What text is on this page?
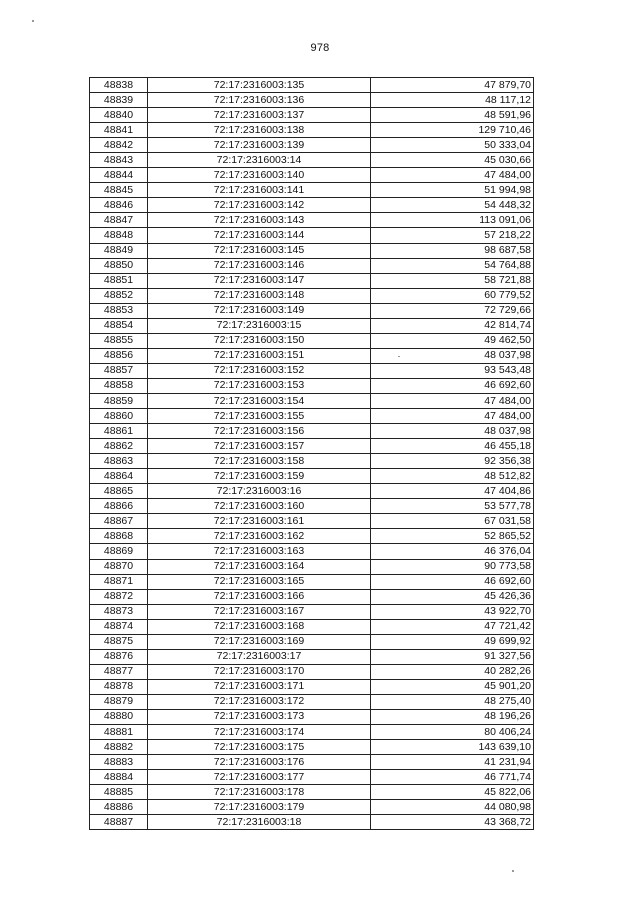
978
48838	72:17:2316003:135	47 879,70
48839	72:17:2316003:136	48 117,12
48840	72:17:2316003:137	48 591,96
48841	72:17:2316003:138	129 710,46
48842	72:17:2316003:139	50 333,04
48843	72:17:2316003:14	45 030,66
48844	72:17:2316003:140	47 484,00
48845	72:17:2316003:141	51 994,98
48846	72:17:2316003:142	54 448,32
48847	72:17:2316003:143	113 091,06
48848	72:17:2316003:144	57 218,22
48849	72:17:2316003:145	98 687,58
48850	72:17:2316003:146	54 764,88
48851	72:17:2316003:147	58 721,88
48852	72:17:2316003:148	60 779,52
48853	72:17:2316003:149	72 729,66
48854	72:17:2316003:15	42 814,74
48855	72:17:2316003:150	49 462,50
48856	72:17:2316003:151	48 037,98
48857	72:17:2316003:152	93 543,48
48858	72:17:2316003:153	46 692,60
48859	72:17:2316003:154	47 484,00
48860	72:17:2316003:155	47 484,00
48861	72:17:2316003:156	48 037,98
48862	72:17:2316003:157	46 455,18
48863	72:17:2316003:158	92 356,38
48864	72:17:2316003:159	48 512,82
48865	72:17:2316003:16	47 404,86
48866	72:17:2316003:160	53 577,78
48867	72:17:2316003:161	67 031,58
48868	72:17:2316003:162	52 865,52
48869	72:17:2316003:163	46 376,04
48870	72:17:2316003:164	90 773,58
48871	72:17:2316003:165	46 692,60
48872	72:17:2316003:166	45 426,36
48873	72:17:2316003:167	43 922,70
48874	72:17:2316003:168	47 721,42
48875	72:17:2316003:169	49 699,92
48876	72:17:2316003:17	91 327,56
48877	72:17:2316003:170	40 282,26
48878	72:17:2316003:171	45 901,20
48879	72:17:2316003:172	48 275,40
48880	72:17:2316003:173	48 196,26
48881	72:17:2316003:174	80 406,24
48882	72:17:2316003:175	143 639,10
48883	72:17:2316003:176	41 231,94
48884	72:17:2316003:177	46 771,74
48885	72:17:2316003:178	45 822,06
48886	72:17:2316003:179	44 080,98
48887	72:17:2316003:18	43 368,72
